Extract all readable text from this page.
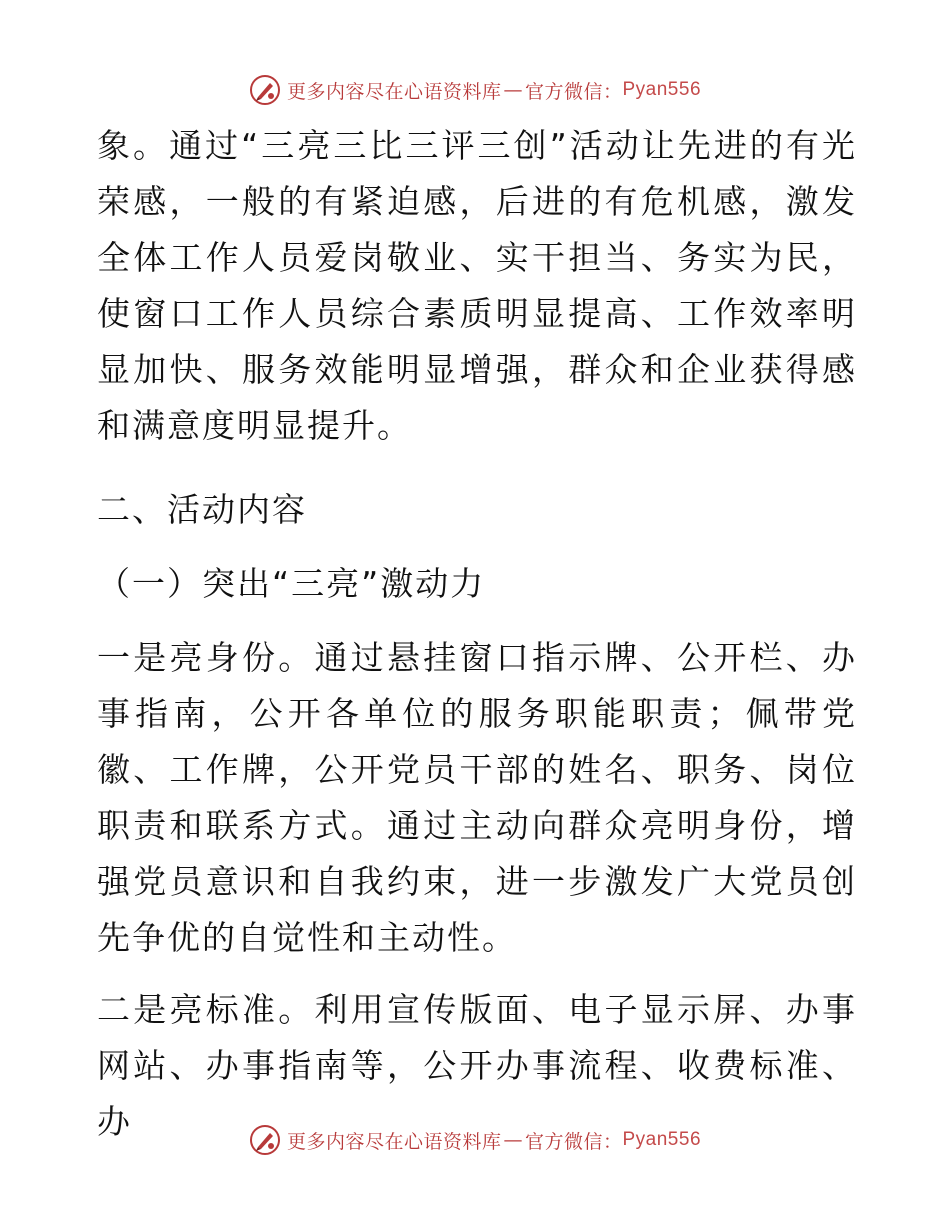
更多内容尽在心语资料库 — 官方微信： Pyan556

象。通过“三亮三比三评三创”活动让先进的有光荣感，一般的有紧迫感，后进的有危机感，激发全体工作人员爱岗敬业、实干担当、务实为民，使窗口工作人员综合素质明显提高、工作效率明显加快、服务效能明显增强，群众和企业获得感和满意度明显提升。

二、活动内容

（一）突出“三亮”激动力

一是亮身份。通过悬挂窗口指示牌、公开栏、办事指南，公开各单位的服务职能职责；佩带党徽、工作牌，公开党员干部的姓名、职务、岗位职责和联系方式。通过主动向群众亮明身份，增强党员意识和自我约束，进一步激发广大党员创先争优的自觉性和主动性。

二是亮标准。利用宣传版面、电子显示屏、办事网站、办事指南等，公开办事流程、收费标准、办

更多内容尽在心语资料库 — 官方微信： Pyan556
